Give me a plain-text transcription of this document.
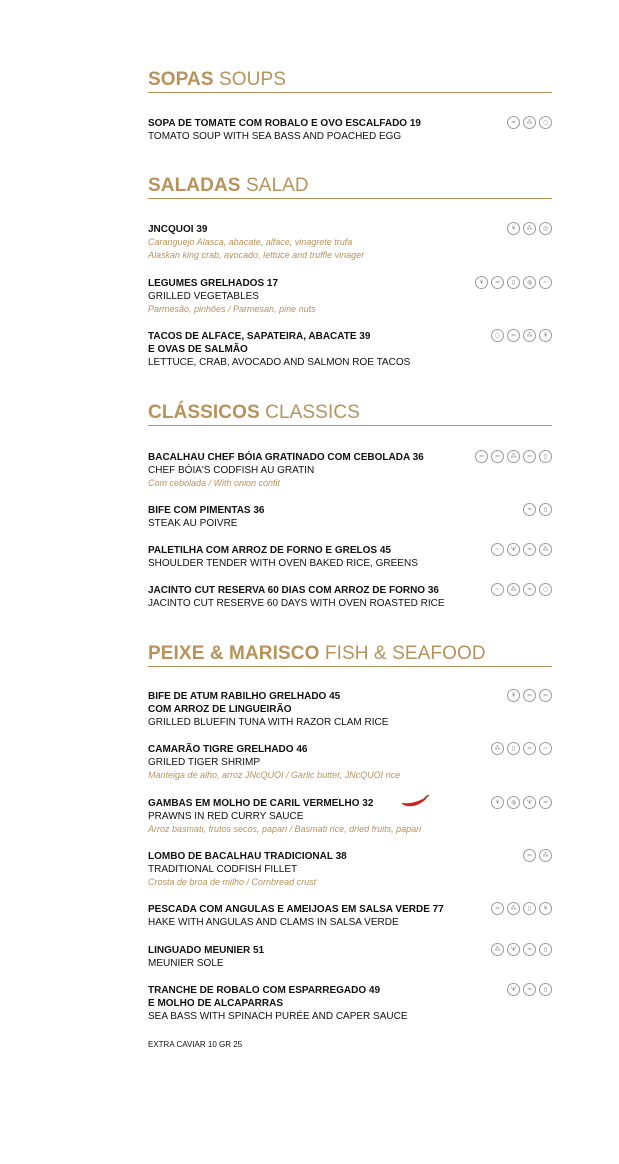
SOPAS SOUPS
SOPA DE TOMATE COM ROBALO E OVO ESCALFADO 19
TOMATO SOUP WITH SEA BASS AND POACHED EGG
≈	⁂	○
SALADAS SALAD
JNCQUOI 39
Caranguejo Alasca, abacate, alface, vinagrete trufa
Alaskan king crab, avocado, lettuce and truffle vinager
¥	⁂	◎
LEGUMES GRELHADOS 17
GRILLED VEGETABLES
Parmesão, pinhões / Parmesan, pine nuts
¥	≈	▯	◍	~
TACOS DE ALFACE, SAPATEIRA, ABACATE 39
E OVAS DE SALMÃO
LETTUCE, CRAB, AVOCADO AND SALMON ROE TACOS
○	≈	⁂	¥
CLÁSSICOS CLASSICS
BACALHAU CHEF BÓIA GRATINADO COM CEBOLADA 36
CHEF BÓIA'S CODFISH AU GRATIN
Com cebolada / With onion confit
≈	≈	⁂	≈	▯
BIFE COM PIMENTAS 36
STEAK AU POIVRE
≈	▯
PALETILHA COM ARROZ DE FORNO E GRELOS 45
SHOULDER TENDER WITH OVEN BAKED RICE, GREENS
~	Ψ	≈	⁂
JACINTO CUT RESERVA 60 DIAS COM ARROZ DE FORNO 36
JACINTO CUT RESERVE 60 DAYS WITH OVEN ROASTED RICE
~	⁂	≈	○
PEIXE & MARISCO FISH & SEAFOOD
BIFE DE ATUM RABILHO GRELHADO 45
COM ARROZ DE LINGUEIRÃO
GRILLED BLUEFIN TUNA WITH RAZOR CLAM RICE
¥	≈	≈
CAMARÃO TIGRE GRELHADO 46
GRILED TIGER SHRIMP
Manteiga de alho, arroz JNcQUOI / Garlic butter, JNcQUOI rice
⁂	▯	≈	~
GAMBAS EM MOLHO DE CARIL VERMELHO 32
PRAWNS IN RED CURRY SAUCE
Arroz basmati, frutos secos, papari / Basmati rice, dried fruits, papari
¥	◍	Ψ	≈
LOMBO DE BACALHAU TRADICIONAL 38
TRADITIONAL CODFISH FILLET
Crosta de broa de milho / Cornbread crust
≈	⁂
PESCADA COM ANGULAS E AMEIJOAS EM SALSA VERDE 77
HAKE WITH ANGULAS AND CLAMS IN SALSA VERDE
≈	⁂	▯	¥
LINGUADO MEUNIER 51
MEUNIER SOLE
⁂	Ψ	≈	▯
TRANCHE DE ROBALO COM ESPARREGADO 49
E MOLHO DE ALCAPARRAS
SEA BASS WITH SPINACH PURÉE AND CAPER SAUCE
Ψ	≈	▯
EXTRA CAVIAR 10 GR 25
